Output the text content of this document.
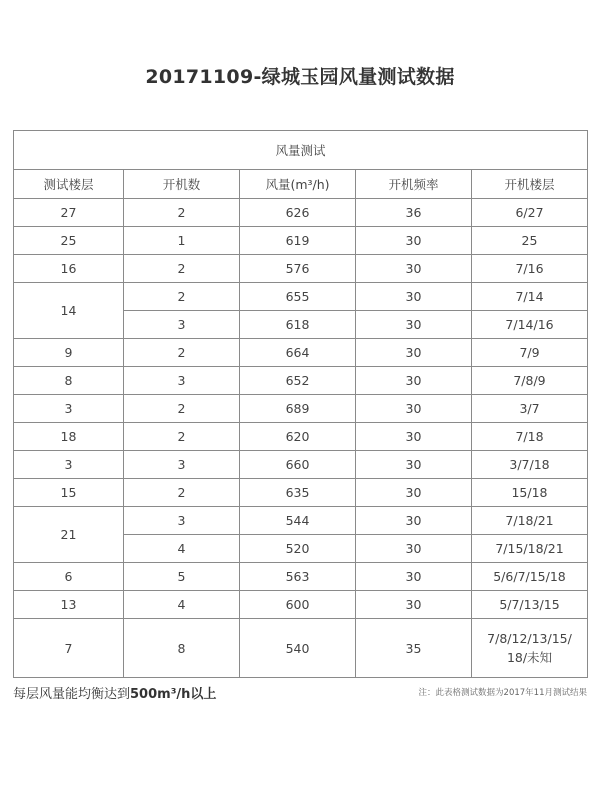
20171109-绿城玉园风量测试数据
风量测试				
测试楼层	开机数	风量(m³/h)	开机频率	开机楼层
27	2	626	36	6/27
25	1	619	30	25
16	2	576	30	7/16
14	2	655	30	7/14
	3	618	30	7/14/16
9	2	664	30	7/9
8	3	652	30	7/8/9
3	2	689	30	3/7
18	2	620	30	7/18
3	3	660	30	3/7/18
15	2	635	30	15/18
21	3	544	30	7/18/21
	4	520	30	7/15/18/21
6	5	563	30	5/6/7/15/18
13	4	600	30	5/7/13/15
7	8	540	35	7/8/12/13/15/
18/未知
每层风量能均衡达到500m³/h以上	注：此表格测试数据为2017年11月测试结果
